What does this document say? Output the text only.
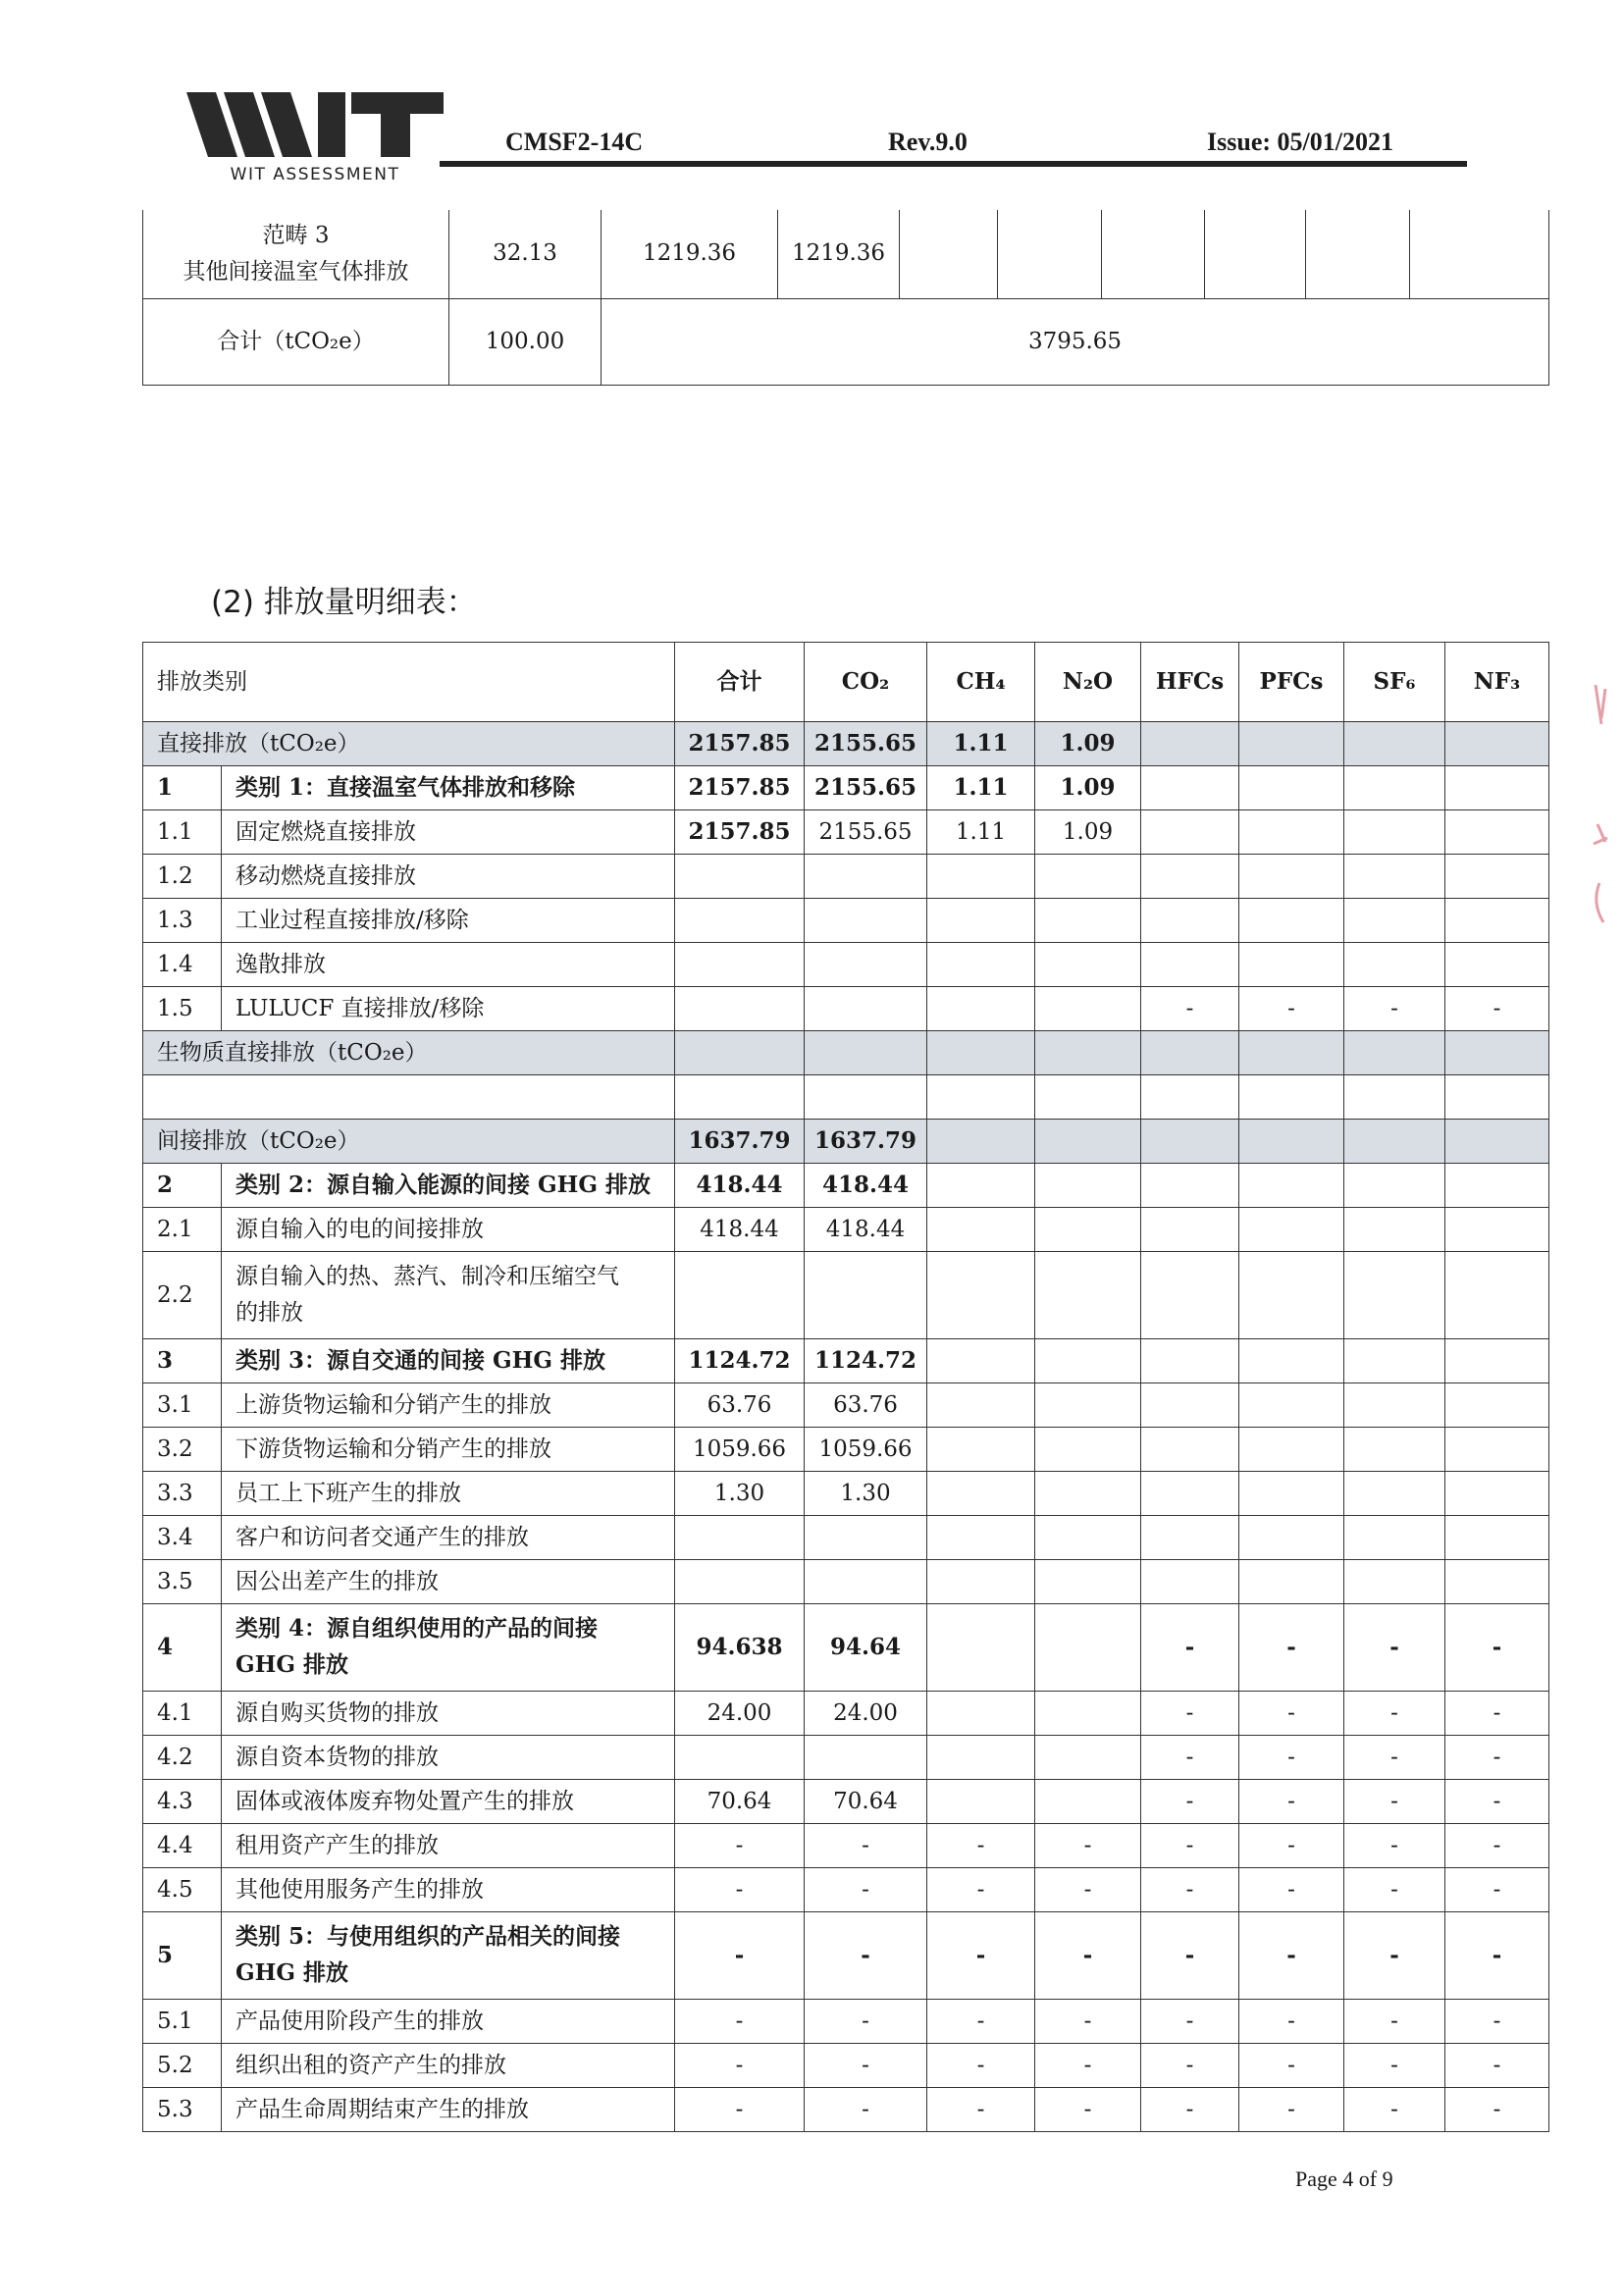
WIT ASSESSMENT
CMSF2-14C	Rev.9.0	Issue: 05/01/2021
范畴 3
其他间接温室气体排放	32.13	1219.36	1219.36						
合计（tCO₂e）	100.00	3795.65							
(2) 排放量明细表：
排放类别		合计	CO₂	CH₄	N₂O	HFCs	PFCs	SF₆	NF₃
直接排放（tCO₂e）		2157.85	2155.65	1.11	1.09				
1	类别 1：直接温室气体排放和移除	2157.85	2155.65	1.11	1.09				
1.1	固定燃烧直接排放	2157.85	2155.65	1.11	1.09				
1.2	移动燃烧直接排放								
1.3	工业过程直接排放/移除								
1.4	逸散排放								
1.5	LULUCF 直接排放/移除					-	-	-	-
生物质直接排放（tCO₂e）									

间接排放（tCO₂e）		1637.79	1637.79						
2	类别 2：源自输入能源的间接 GHG 排放	418.44	418.44						
2.1	源自输入的电的间接排放	418.44	418.44						
2.2	源自输入的热、蒸汽、制冷和压缩空气
的排放								

3	类别 3：源自交通的间接 GHG 排放	1124.72	1124.72						
3.1	上游货物运输和分销产生的排放	63.76	63.76						
3.2	下游货物运输和分销产生的排放	1059.66	1059.66						
3.3	员工上下班产生的排放	1.30	1.30						
3.4	客户和访问者交通产生的排放								
3.5	因公出差产生的排放								
4	类别 4：源自组织使用的产品的间接
GHG 排放	94.638	94.64			-	-	-	-
4.1	源自购买货物的排放	24.00	24.00			-	-	-	-
4.2	源自资本货物的排放					-	-	-	-
4.3	固体或液体废弃物处置产生的排放	70.64	70.64			-	-	-	-
4.4	租用资产产生的排放	-	-	-	-	-	-	-	-
4.5	其他使用服务产生的排放	-	-	-	-	-	-	-	-
5	类别 5：与使用组织的产品相关的间接
GHG 排放	-	-	-	-	-	-	-	-
5.1	产品使用阶段产生的排放	-	-	-	-	-	-	-	-
5.2	组织出租的资产产生的排放	-	-	-	-	-	-	-	-
5.3	产品生命周期结束产生的排放	-	-	-	-	-	-	-	-
Page 4 of 9
